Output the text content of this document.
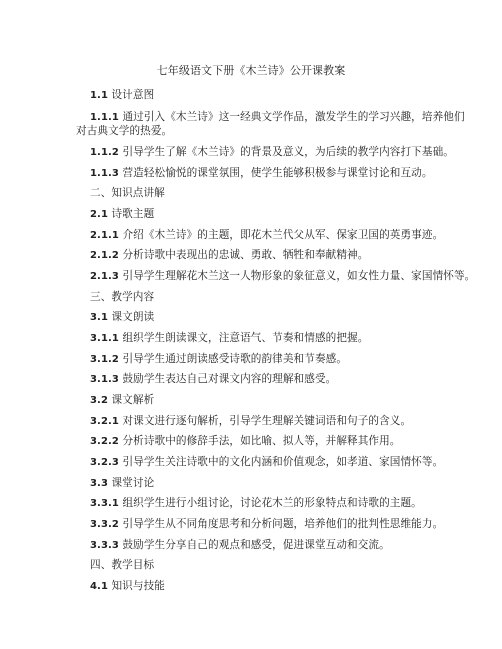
七年级语文下册《木兰诗》公开课教案
1.1 设计意图
1.1.1 通过引入《木兰诗》这一经典文学作品，激发学生的学习兴趣，培养他们
对古典文学的热爱。
1.1.2 引导学生了解《木兰诗》的背景及意义，为后续的教学内容打下基础。
1.1.3 营造轻松愉悦的课堂氛围，使学生能够积极参与课堂讨论和互动。
二、知识点讲解
2.1 诗歌主题
2.1.1 介绍《木兰诗》的主题，即花木兰代父从军、保家卫国的英勇事迹。
2.1.2 分析诗歌中表现出的忠诚、勇敢、牺牲和奉献精神。
2.1.3 引导学生理解花木兰这一人物形象的象征意义，如女性力量、家国情怀等。
三、教学内容
3.1 课文朗读
3.1.1 组织学生朗读课文，注意语气、节奏和情感的把握。
3.1.2 引导学生通过朗读感受诗歌的韵律美和节奏感。
3.1.3 鼓励学生表达自己对课文内容的理解和感受。
3.2 课文解析
3.2.1 对课文进行逐句解析，引导学生理解关键词语和句子的含义。
3.2.2 分析诗歌中的修辞手法，如比喻、拟人等，并解释其作用。
3.2.3 引导学生关注诗歌中的文化内涵和价值观念，如孝道、家国情怀等。
3.3 课堂讨论
3.3.1 组织学生进行小组讨论，讨论花木兰的形象特点和诗歌的主题。
3.3.2 引导学生从不同角度思考和分析问题，培养他们的批判性思维能力。
3.3.3 鼓励学生分享自己的观点和感受，促进课堂互动和交流。
四、教学目标
4.1 知识与技能
